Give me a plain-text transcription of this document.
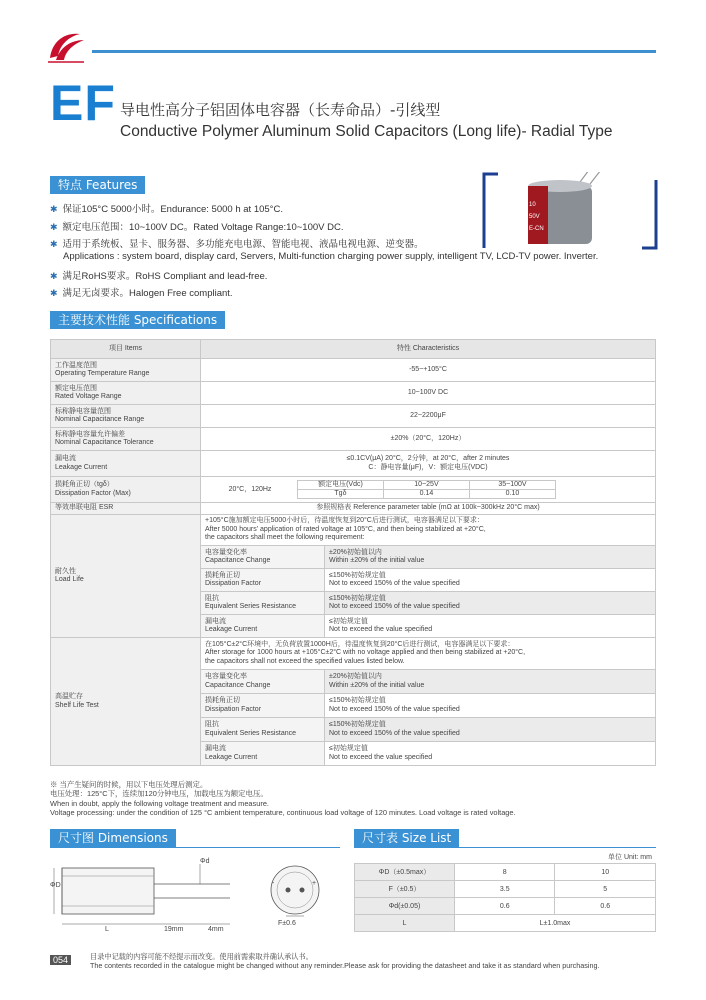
EF 导电性高分子铝固体电容器（长寿命品）-引线型
Conductive Polymer Aluminum Solid Capacitors (Long life)- Radial Type
特点 Features
✱ 保证105°C 5000小时。Endurance: 5000 h at 105°C.
✱ 额定电压范围：10~100V DC。Rated Voltage Range:10~100V DC.
✱ 适用于系统板、显卡、服务器、多功能充电电源、智能电视、液晶电视电源、逆变器。
Applications : system board, display card, Servers, Multi-function charging power supply, intelligent TV, LCD-TV power. Inverter.
✱ 满足RoHS要求。RoHS Compliant and lead-free.
✱ 满足无卤要求。Halogen Free compliant.
10
50V
E-CN
主要技术性能 Specifications
项目 Items	特性 Characteristics
工作温度范围
Operating Temperature Range	-55~+105°C
额定电压范围
Rated Voltage Range	10~100V DC
标称静电容量范围
Nominal Capacitance Range	22~2200μF
标称静电容量允许偏差
Nominal Capacitance Tolerance	±20%（20°C，120Hz）
漏电流
Leakage Current	≤0.1CV(μA) 20°C，2分钟，at 20°C，after 2 minutes
C：静电容量(μF)，V：额定电压(VDC)
损耗角正切（tgδ）
Dissipation Factor (Max)	20°C，120Hz 额定电压(Vdc)	10~25V	35~100V
Tgδ	0.14	0.10
等效串联电阻 ESR	参照规格表 Reference parameter table (mΩ at 100k~300kHz 20°C max)
耐久性
Load Life	+105°C施加额定电压5000小时后，待温度恢复到20°C后进行测试，电容器满足以下要求：
After 5000 hours' application of rated voltage at 105°C, and then being stabilized at +20°C,
the capacitors shall meet the following requirement:
电容量变化率
Capacitance Change	±20%初始值以内
Within ±20% of the initial value
损耗角正切
Dissipation Factor	≤150%初始规定值
Not to exceed 150% of the value specified
阻抗
Equivalent Series Resistance	≤150%初始规定值
Not to exceed 150% of the value specified
漏电流
Leakage Current	≤初始规定值
Not to exceed the value specified
高温贮存
Shelf Life Test	在105°C±2°C环境中，无负荷放置1000H后，待温度恢复到20°C后进行测试，电容器满足以下要求：
After storage for 1000 hours at +105°C±2°C with no voltage applied and then being stabilized at +20°C,
the capacitors shall not exceed the specified values listed below.
电容量变化率
Capacitance Change	±20%初始值以内
Within ±20% of the initial value
损耗角正切
Dissipation Factor	≤150%初始规定值
Not to exceed 150% of the value specified
阻抗
Equivalent Series Resistance	≤150%初始规定值
Not to exceed 150% of the value specified
漏电流
Leakage Current	≤初始规定值
Not to exceed the value specified
※ 当产生疑问的时候，用以下电压处理后测定。
电压处理：125°C下，连续加120分钟电压，加载电压为额定电压。
When in doubt, apply the following voltage treatment and measure.
Voltage processing: under the condition of 125 °C ambient temperature, continuous load voltage of 120 minutes. Load voltage is rated voltage.
尺寸图 Dimensions
ΦD
L	19mm	4mm
Φd
F±0.6
+
-
尺寸表 Size List
单位 Unit: mm
ΦD（±0.5max）	8	10
F（±0.5）	3.5	5
Φd(±0.05)	0.6	0.6
L	L±1.0max	
054	目录中记载的内容可能不经提示而改变。使用前需索取并确认承认书。
The contents recorded in the catalogue might be changed without any reminder.Please ask for providing the datasheet and take it as standard when purchasing.
